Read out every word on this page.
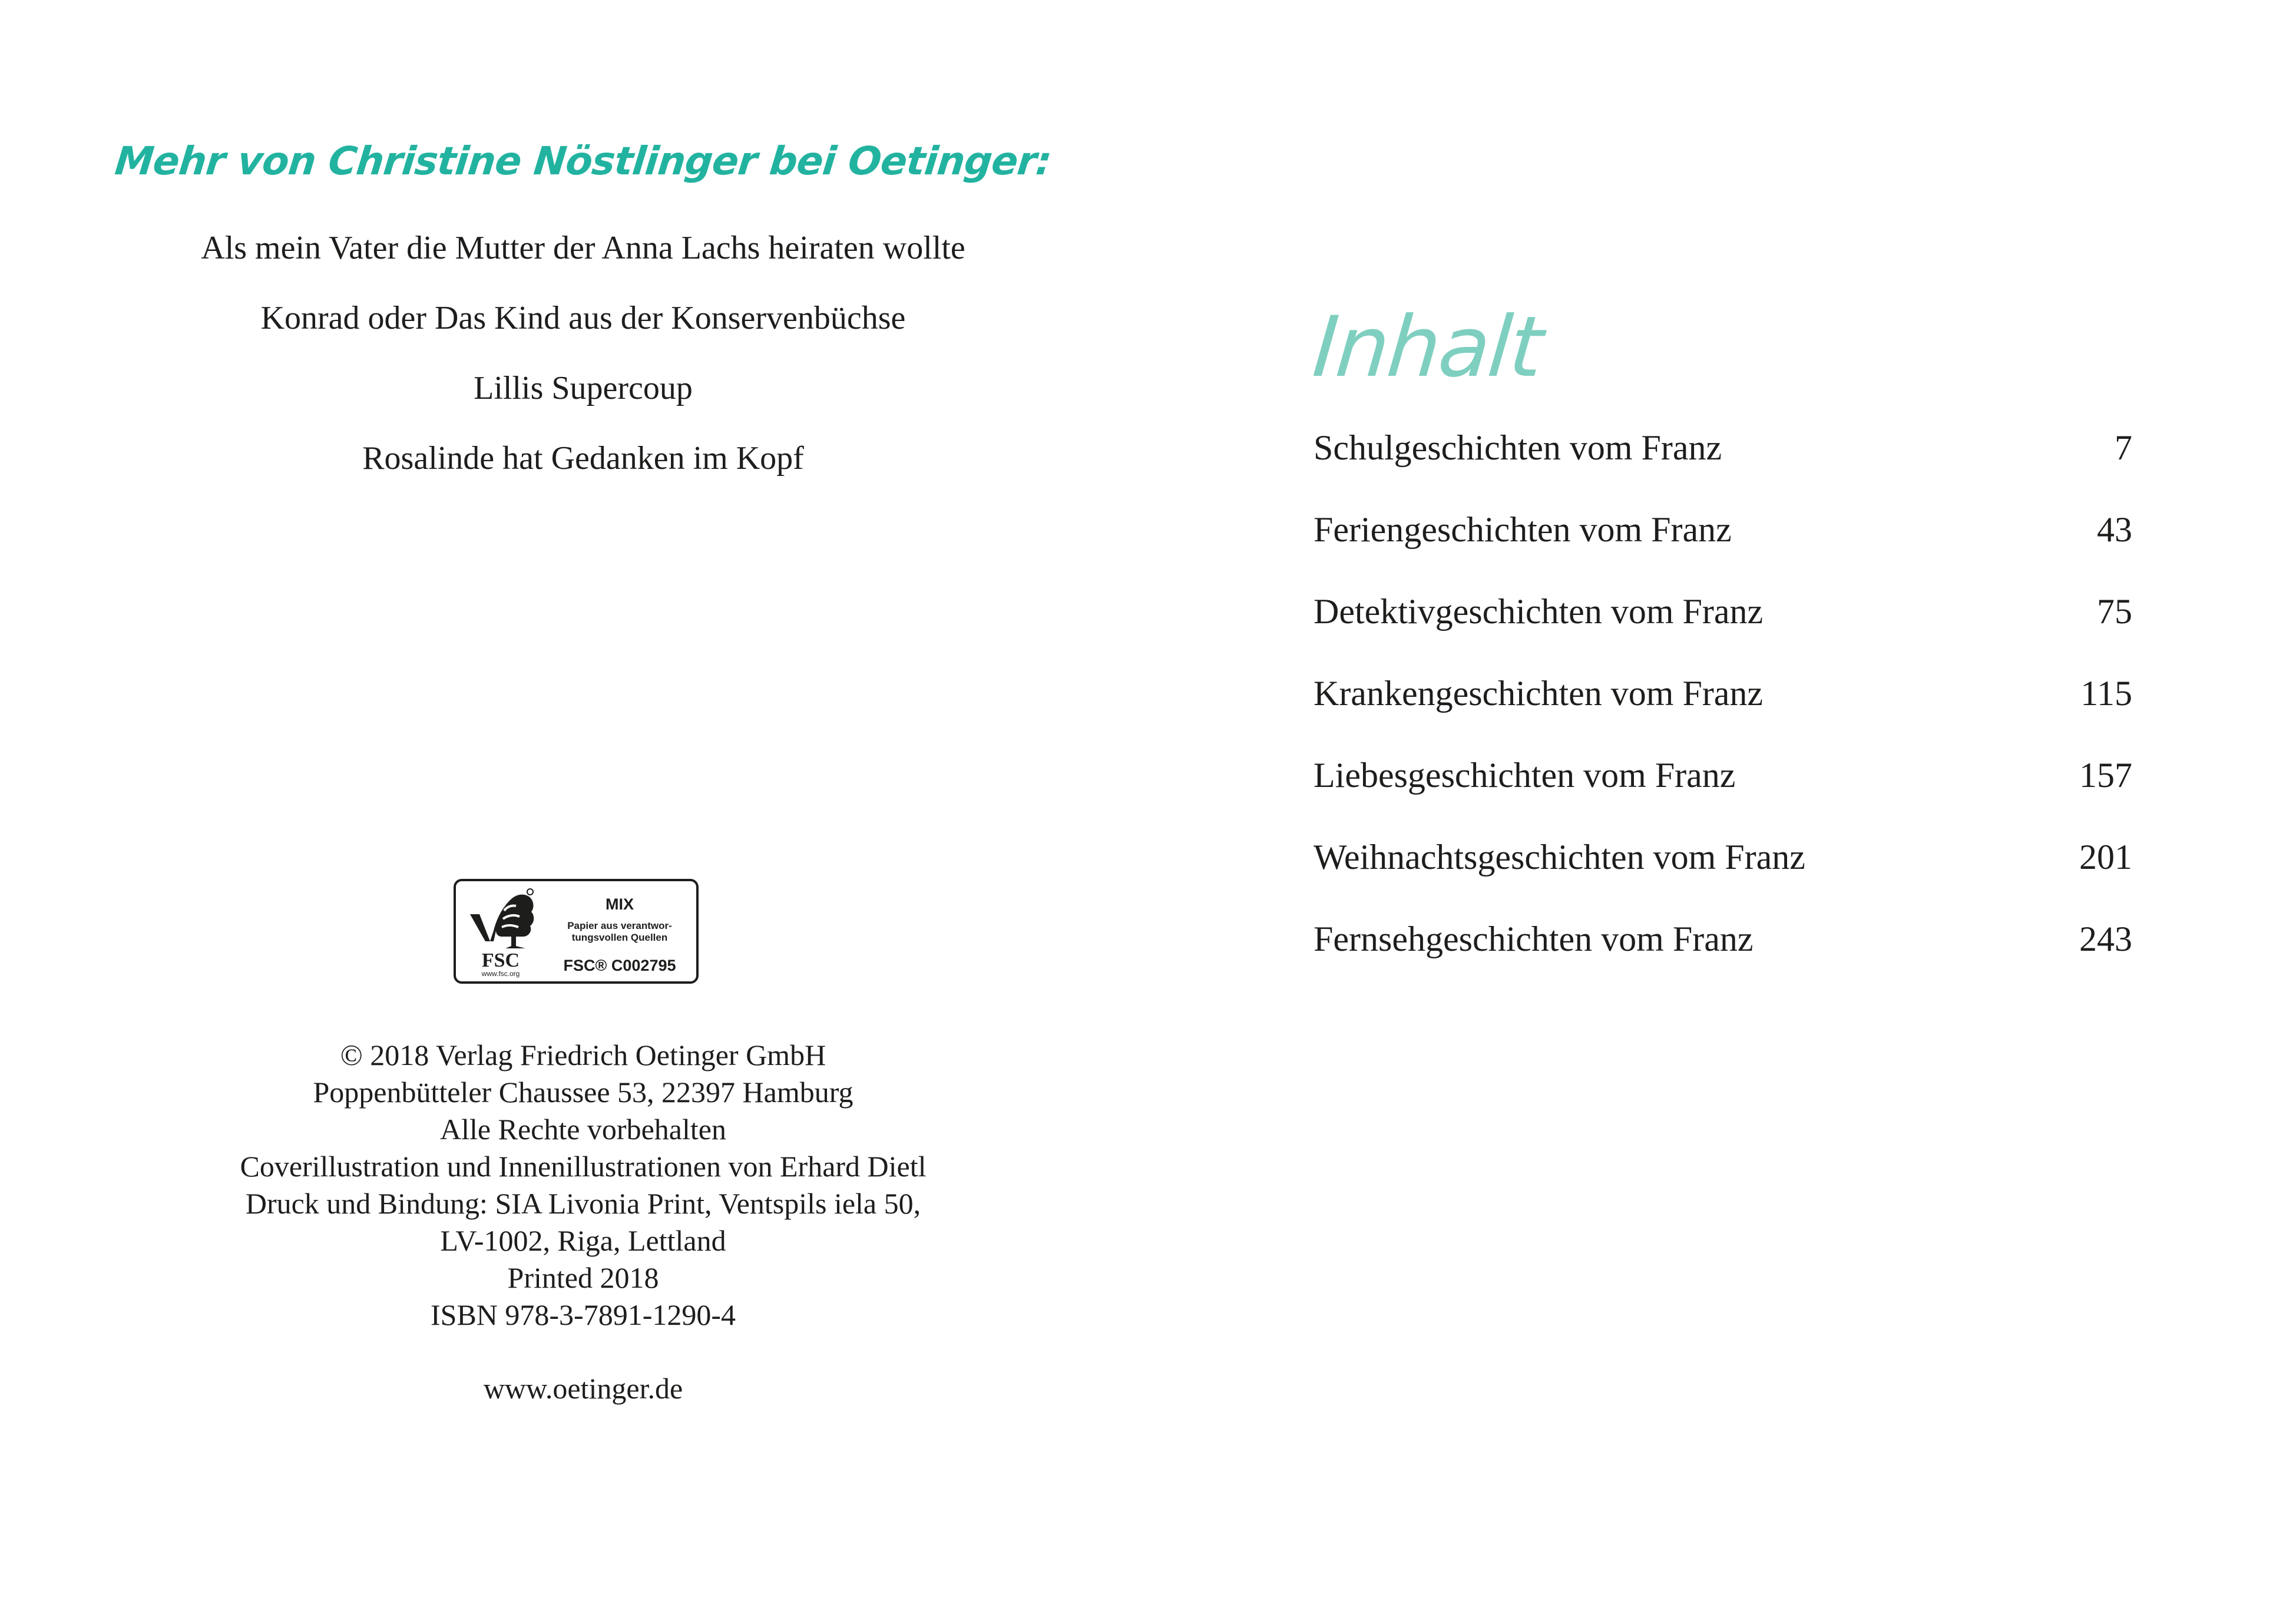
Mehr von Christine Nöstlinger bei Oetinger:
Als mein Vater die Mutter der Anna Lachs heiraten wollte
Konrad oder Das Kind aus der Konservenbüchse
Lillis Supercoup
Rosalinde hat Gedanken im Kopf
FSC
www.fsc.org
MIX
Papier aus verantwor-
tungsvollen Quellen
FSC® C002795
© 2018 Verlag Friedrich Oetinger GmbH
Poppenbütteler Chaussee 53, 22397 Hamburg
Alle Rechte vorbehalten
Coverillustration und Innenillustrationen von Erhard Dietl
Druck und Bindung: SIA Livonia Print, Ventspils iela 50,
LV-1002, Riga, Lettland
Printed 2018
ISBN 978-3-7891-1290-4
www.oetinger.de
Inhalt
Schulgeschichten vom Franz	7
Feriengeschichten vom Franz	43
Detektivgeschichten vom Franz	75
Krankengeschichten vom Franz	115
Liebesgeschichten vom Franz	157
Weihnachtsgeschichten vom Franz	201
Fernsehgeschichten vom Franz	243
